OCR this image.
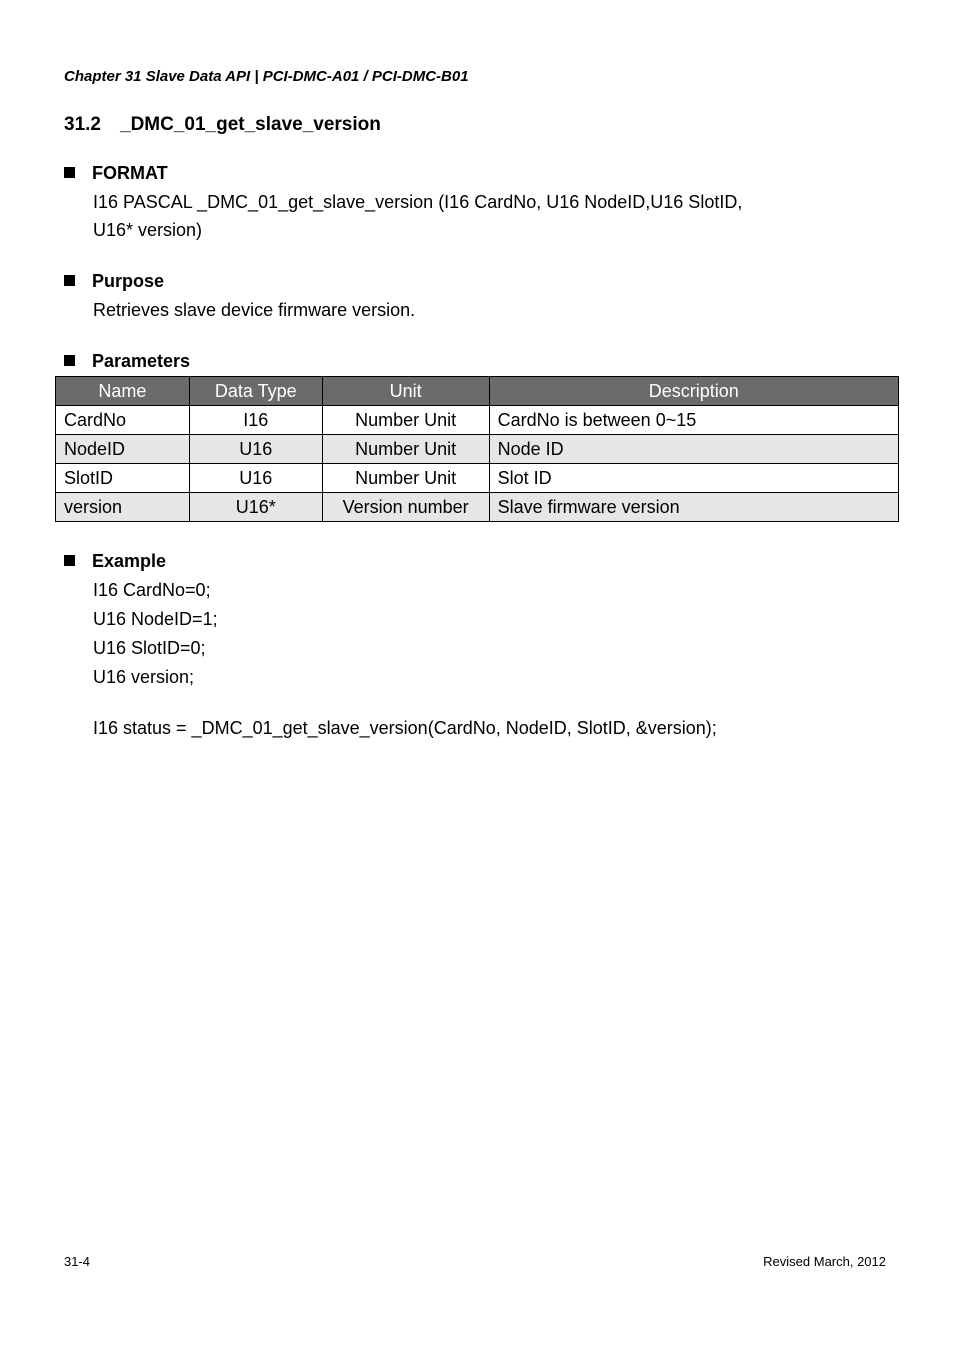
Chapter 31 Slave Data API | PCI-DMC-A01 / PCI-DMC-B01
31.2 _DMC_01_get_slave_version
FORMAT
I16 PASCAL _DMC_01_get_slave_version (I16 CardNo, U16 NodeID,U16 SlotID,
U16* version)
Purpose
Retrieves slave device firmware version.
Parameters
Name	Data Type	Unit	Description
CardNo	I16	Number Unit	CardNo is between 0~15
NodeID	U16	Number Unit	Node ID
SlotID	U16	Number Unit	Slot ID
version	U16*	Version number	Slave firmware version
Example
I16 CardNo=0;
U16 NodeID=1;
U16 SlotID=0;
U16 version;
I16 status = _DMC_01_get_slave_version(CardNo, NodeID, SlotID, &version);
31-4	Revised March, 2012
